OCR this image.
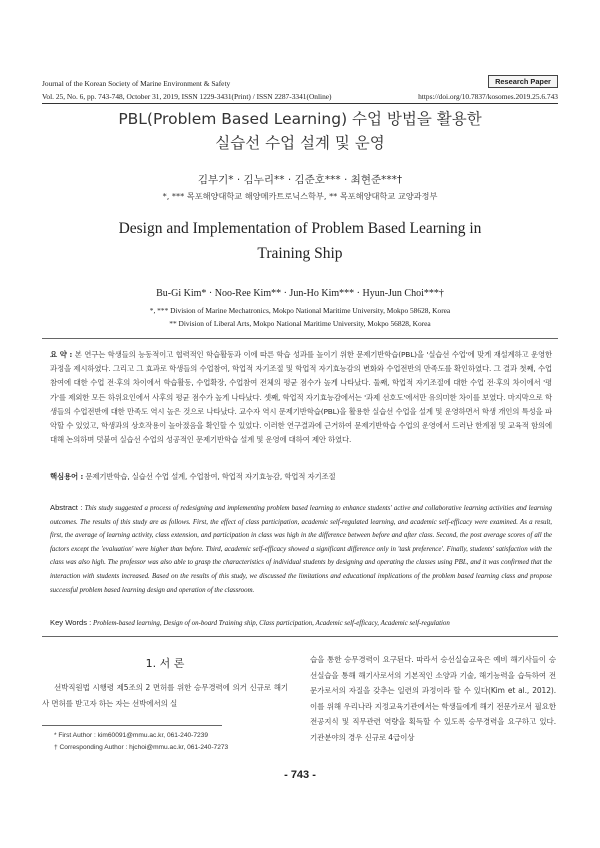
Journal of the Korean Society of Marine Environment & Safety	Research Paper
Vol. 25, No. 6, pp. 743-748, October 31, 2019, ISSN 1229-3431(Print) / ISSN 2287-3341(Online)	https://doi.org/10.7837/kosomes.2019.25.6.743
PBL(Problem Based Learning) 수업 방법을 활용한
실습선 수업 설계 및 운영
김부기* · 김누리** · 김준호*** · 최현준***†
*, *** 목포해양대학교 해양메카트로닉스학부, ** 목포해양대학교 교양과정부
Design and Implementation of Problem Based Learning in
Training Ship
Bu-Gi Kim* · Noo-Ree Kim** · Jun-Ho Kim*** · Hyun-Jun Choi***†
*, *** Division of Marine Mechatronics, Mokpo National Maritime University, Mokpo 58628, Korea
** Division of Liberal Arts, Mokpo National Maritime University, Mokpo 56828, Korea
요 약 : 본 연구는 학생들의 능동적이고 협력적인 학습활동과 이에 따른 학습 성과를 높이기 위한 문제기반학습(PBL)을 '실습선 수업'에 맞게 재설계하고 운영한 과정을 제시하였다. 그리고 그 효과로 학생들의 수업참여, 학업적 자기조절 및 학업적 자기효능감의 변화와 수업전반의 만족도를 확인하였다. 그 결과 첫째, 수업참여에 대한 수업 전·후의 차이에서 학습활동, 수업확장, 수업참여 전체의 평균 점수가 높게 나타났다. 둘째, 학업적 자기조절에 대한 수업 전·후의 차이에서 '평가'를 제외한 모든 하위요인에서 사후의 평균 점수가 높게 나타났다. 셋째, 학업적 자기효능감에서는 '과제 선호도'에서만 유의미한 차이를 보였다. 마지막으로 학생들의 수업전반에 대한 만족도 역시 높은 것으로 나타났다. 교수자 역시 문제기반학습(PBL)을 활용한 실습선 수업을 설계 및 운영하면서 학생 개인의 특성을 파악할 수 있었고, 학생과의 상호작용이 높아졌음을 확인할 수 있었다. 이러한 연구결과에 근거하여 문제기반학습 수업의 운영에서 드러난 한계점 및 교육적 함의에 대해 논의하며 덧붙여 실습선 수업의 성공적인 문제기반학습 설계 및 운영에 대하여 제안 하였다.
핵심용어 : 문제기반학습, 실습선 수업 설계, 수업참여, 학업적 자기효능감, 학업적 자기조절
Abstract : This study suggested a process of redesigning and implementing problem based learning to enhance students' active and collaborative learning activities and learning outcomes. The results of this study are as follows. First, the effect of class participation, academic self-regulated learning, and academic self-efficacy were examined. As a result, first, the average of learning activity, class extension, and participation in class was high in the difference between before and after class. Second, the post average scores of all the factors except the 'evaluation' were higher than before. Third, academic self-efficacy showed a significant difference only in 'task preference'. Finally, students' satisfaction with the class was also high. The professor was also able to grasp the characteristics of individual students by designing and operating the classes using PBL, and it was confirmed that the interaction with students increased. Based on the results of this study, we discussed the limitations and educational implications of the problem based learning class and propose successful problem based learning design and operation of the classroom.
Key Words : Problem-based learning, Design of on-board Training ship, Class participation, Academic self-efficacy, Academic self-regulation
1. 서 론
선박직원법 시행령 제5조의 2 면허를 위한 승무경력에 의거 신규로 해기사 면허를 받고자 하는 자는 선박에서의 실
습을 통한 승무경력이 요구된다. 따라서 승선실습교육은 예비 해기사들이 승선실습을 통해 해기사로서의 기본적인 소양과 기술, 해기능력을 습득하여 전문가로서의 자질을 갖추는 일련의 과정이라 할 수 있다(Kim et al., 2012). 이를 위해 우리나라 지정교육기관에서는 학생들에게 해기 전문가로서 필요한 전공지식 및 직무관련 역량을 획득할 수 있도록 승무경력을 요구하고 있다. 기관분야의 경우 신규로 4급이상
* First Author : kim60091@mmu.ac.kr, 061-240-7239
† Corresponding Author : hjchoi@mmu.ac.kr, 061-240-7273
- 743 -
